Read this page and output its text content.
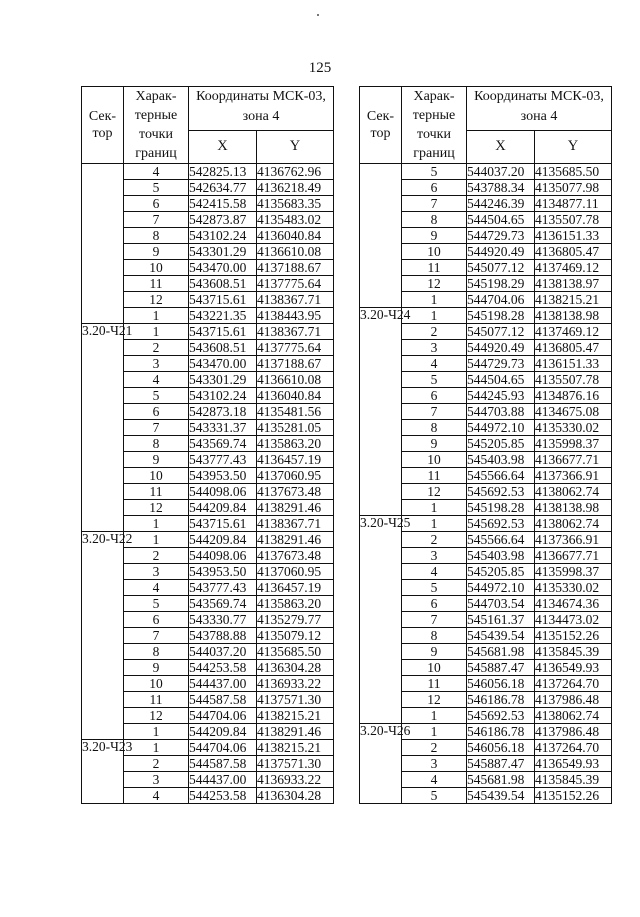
125
Сек-тор	Харак-терные точки границ	Координаты МСК-03, зона 4	
		X	Y
	4	542825.13	4136762.96
	5	542634.77	4136218.49
	6	542415.58	4135683.35
	7	542873.87	4135483.02
	8	543102.24	4136040.84
	9	543301.29	4136610.08
	10	543470.00	4137188.67
	11	543608.51	4137775.64
	12	543715.61	4138367.71
	1	543221.35	4138443.95
3.20-Ч21	1	543715.61	4138367.71
	2	543608.51	4137775.64
	3	543470.00	4137188.67
	4	543301.29	4136610.08
	5	543102.24	4136040.84
	6	542873.18	4135481.56
	7	543331.37	4135281.05
	8	543569.74	4135863.20
	9	543777.43	4136457.19
	10	543953.50	4137060.95
	11	544098.06	4137673.48
	12	544209.84	4138291.46
	1	543715.61	4138367.71
3.20-Ч22	1	544209.84	4138291.46
	2	544098.06	4137673.48
	3	543953.50	4137060.95
	4	543777.43	4136457.19
	5	543569.74	4135863.20
	6	543330.77	4135279.77
	7	543788.88	4135079.12
	8	544037.20	4135685.50
	9	544253.58	4136304.28
	10	544437.00	4136933.22
	11	544587.58	4137571.30
	12	544704.06	4138215.21
	1	544209.84	4138291.46
3.20-Ч23	1	544704.06	4138215.21
	2	544587.58	4137571.30
	3	544437.00	4136933.22
	4	544253.58	4136304.28
Сек-тор	Харак-терные точки границ	Координаты МСК-03, зона 4	
		X	Y
	5	544037.20	4135685.50
	6	543788.34	4135077.98
	7	544246.39	4134877.11
	8	544504.65	4135507.78
	9	544729.73	4136151.33
	10	544920.49	4136805.47
	11	545077.12	4137469.12
	12	545198.29	4138138.97
	1	544704.06	4138215.21
3.20-Ч24	1	545198.28	4138138.98
	2	545077.12	4137469.12
	3	544920.49	4136805.47
	4	544729.73	4136151.33
	5	544504.65	4135507.78
	6	544245.93	4134876.16
	7	544703.88	4134675.08
	8	544972.10	4135330.02
	9	545205.85	4135998.37
	10	545403.98	4136677.71
	11	545566.64	4137366.91
	12	545692.53	4138062.74
	1	545198.28	4138138.98
3.20-Ч25	1	545692.53	4138062.74
	2	545566.64	4137366.91
	3	545403.98	4136677.71
	4	545205.85	4135998.37
	5	544972.10	4135330.02
	6	544703.54	4134674.36
	7	545161.37	4134473.02
	8	545439.54	4135152.26
	9	545681.98	4135845.39
	10	545887.47	4136549.93
	11	546056.18	4137264.70
	12	546186.78	4137986.48
	1	545692.53	4138062.74
3.20-Ч26	1	546186.78	4137986.48
	2	546056.18	4137264.70
	3	545887.47	4136549.93
	4	545681.98	4135845.39
	5	545439.54	4135152.26
